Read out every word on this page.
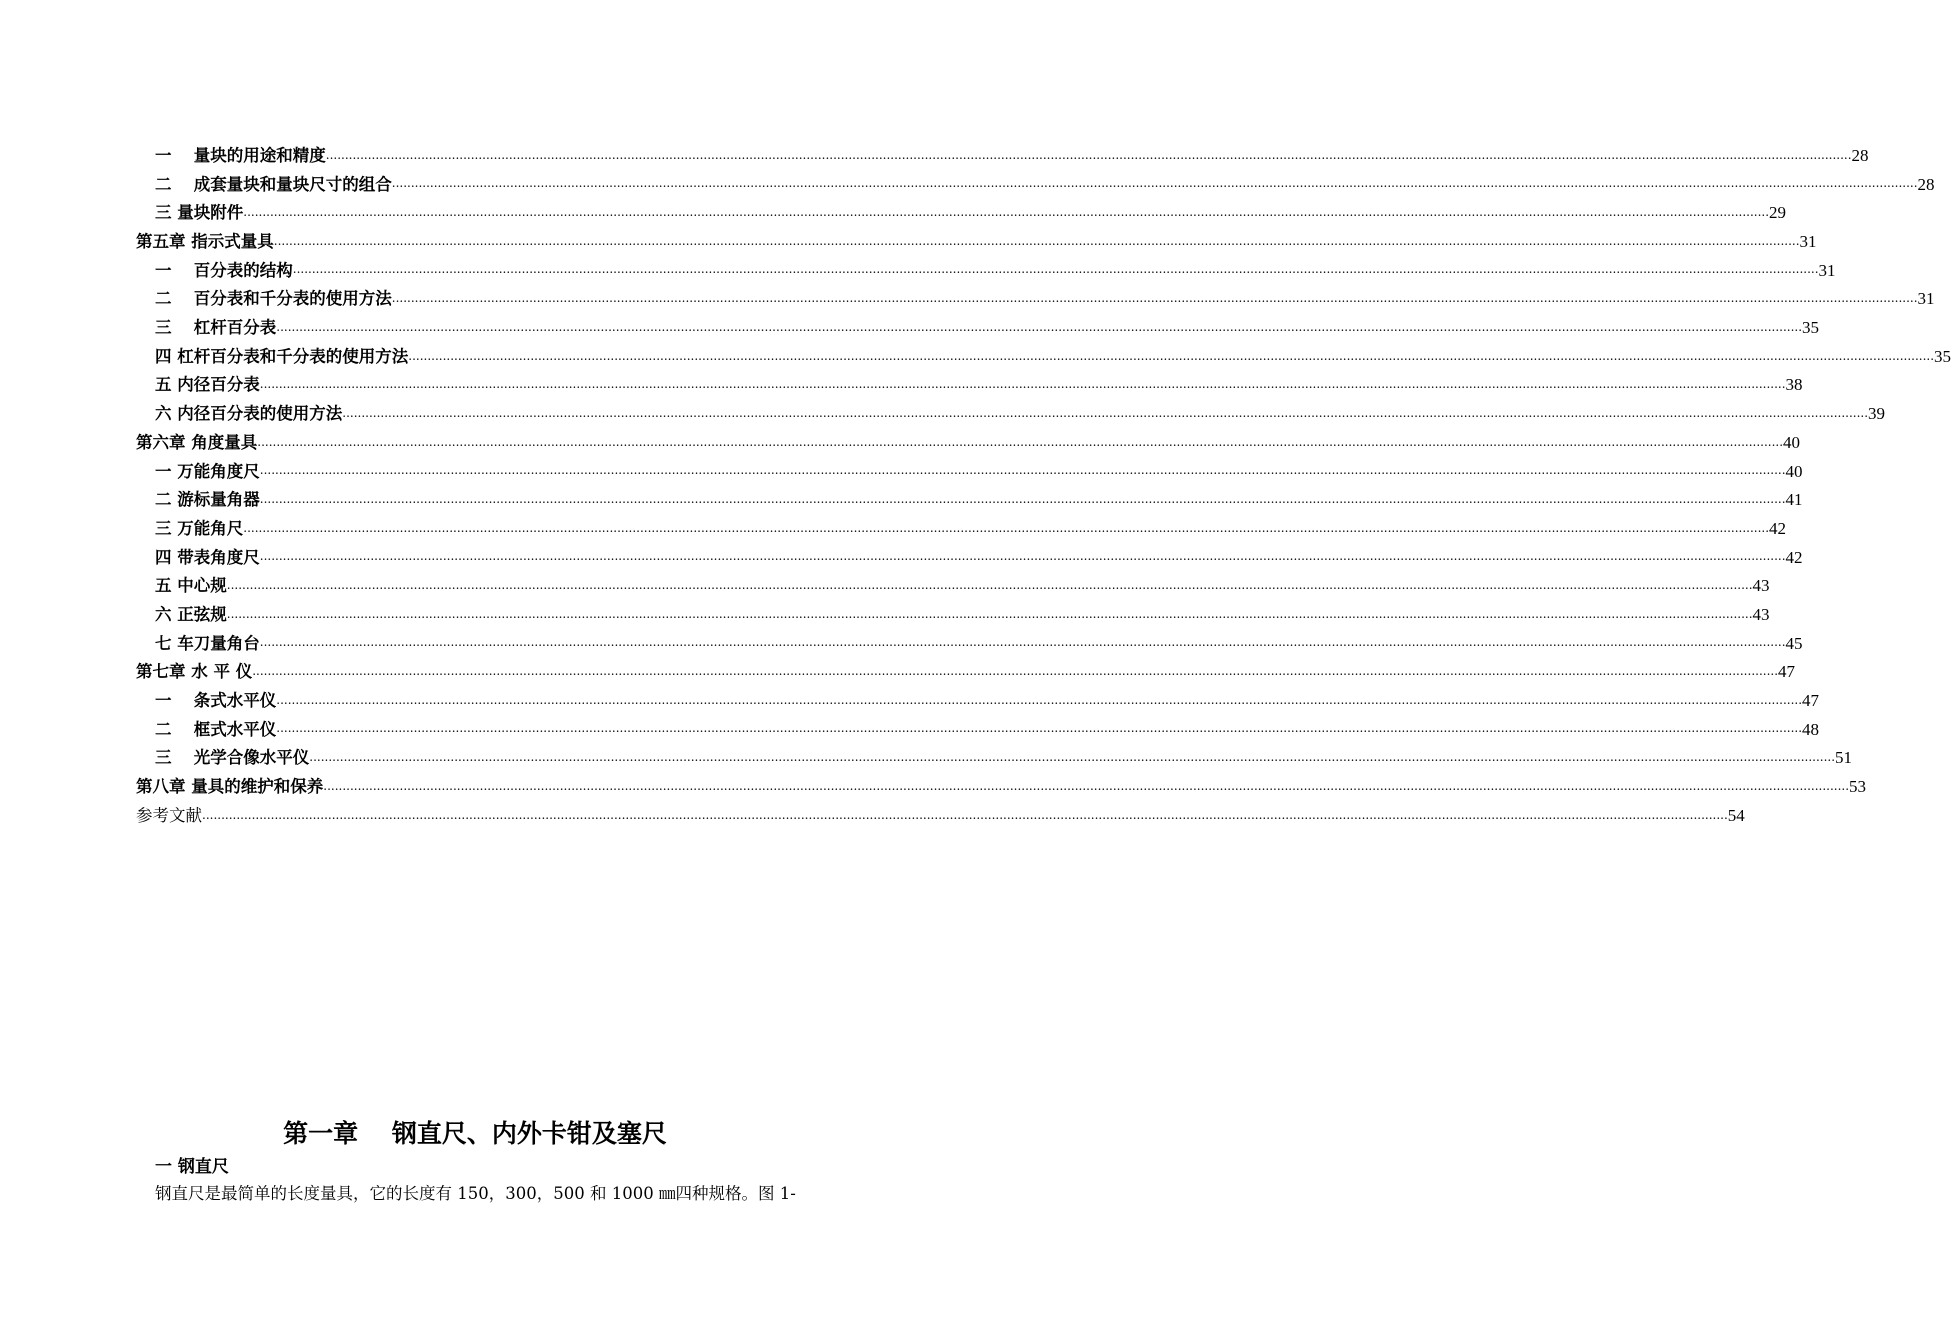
一　 量块的用途和精度 ................................................................................................................................................................................................................................................................................................................................................................................................................ 28
二　 成套量块和量块尺寸的组合 ................................................................................................................................................................................................................................................................................................................................................................................................................ 28
三 量块附件 ................................................................................................................................................................................................................................................................................................................................................................................................................ 29
第五章 指示式量具 ................................................................................................................................................................................................................................................................................................................................................................................................................ 31
一　 百分表的结构 ................................................................................................................................................................................................................................................................................................................................................................................................................ 31
二　 百分表和千分表的使用方法 ................................................................................................................................................................................................................................................................................................................................................................................................................ 31
三　 杠杆百分表 ................................................................................................................................................................................................................................................................................................................................................................................................................ 35
四 杠杆百分表和千分表的使用方法 ................................................................................................................................................................................................................................................................................................................................................................................................................ 35
五 内径百分表 ................................................................................................................................................................................................................................................................................................................................................................................................................ 38
六 内径百分表的使用方法 ................................................................................................................................................................................................................................................................................................................................................................................................................ 39
第六章 角度量具 ................................................................................................................................................................................................................................................................................................................................................................................................................ 40
一 万能角度尺 ................................................................................................................................................................................................................................................................................................................................................................................................................ 40
二 游标量角器 ................................................................................................................................................................................................................................................................................................................................................................................................................ 41
三 万能角尺 ................................................................................................................................................................................................................................................................................................................................................................................................................ 42
四 带表角度尺 ................................................................................................................................................................................................................................................................................................................................................................................................................ 42
五 中心规 ................................................................................................................................................................................................................................................................................................................................................................................................................ 43
六 正弦规 ................................................................................................................................................................................................................................................................................................................................................................................................................ 43
七 车刀量角台 ................................................................................................................................................................................................................................................................................................................................................................................................................ 45
第七章 水 平 仪 ................................................................................................................................................................................................................................................................................................................................................................................................................ 47
一　 条式水平仪 ................................................................................................................................................................................................................................................................................................................................................................................................................ 47
二　 框式水平仪 ................................................................................................................................................................................................................................................................................................................................................................................................................ 48
三　 光学合像水平仪 ................................................................................................................................................................................................................................................................................................................................................................................................................ 51
第八章 量具的维护和保养 ................................................................................................................................................................................................................................................................................................................................................................................................................ 53
参考文献 ................................................................................................................................................................................................................................................................................................................................................................................................................ 54
第一章　 钢直尺、内外卡钳及塞尺
一 钢直尺
钢直尺是最简单的长度量具，它的长度有 150，300，500 和 1000 ㎜四种规格。图 1-
